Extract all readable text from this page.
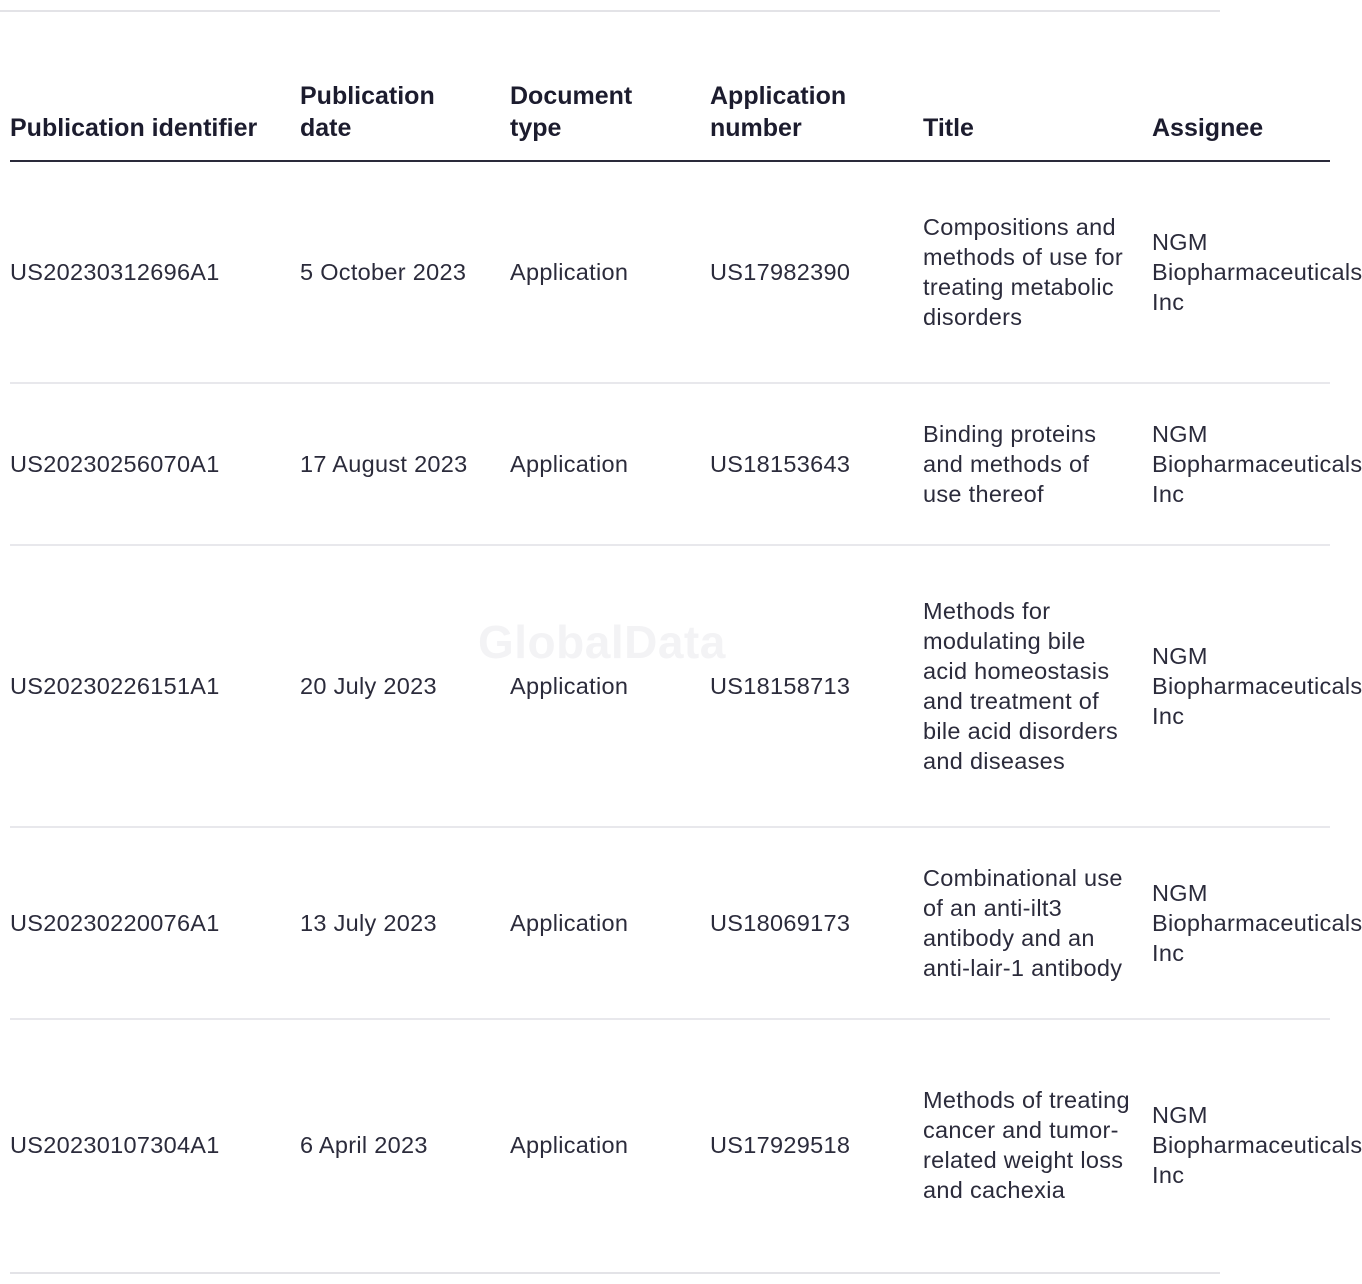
Publication identifier	Publication date	Document type	Application number	Title	Assignee
US20230312696A1	5 October 2023	Application	US17982390	Compositions and methods of use for treating metabolic disorders	NGM Biopharmaceuticals Inc
US20230256070A1	17 August 2023	Application	US18153643	Binding proteins and methods of use thereof	NGM Biopharmaceuticals Inc
US20230226151A1	20 July 2023	Application	US18158713	Methods for modulating bile acid homeostasis and treatment of bile acid disorders and diseases	NGM Biopharmaceuticals Inc
US20230220076A1	13 July 2023	Application	US18069173	Combinational use of an anti-ilt3 antibody and an anti-lair-1 antibody	NGM Biopharmaceuticals Inc
US20230107304A1	6 April 2023	Application	US17929518	Methods of treating cancer and tumor-related weight loss and cachexia	NGM Biopharmaceuticals Inc
GlobalData
